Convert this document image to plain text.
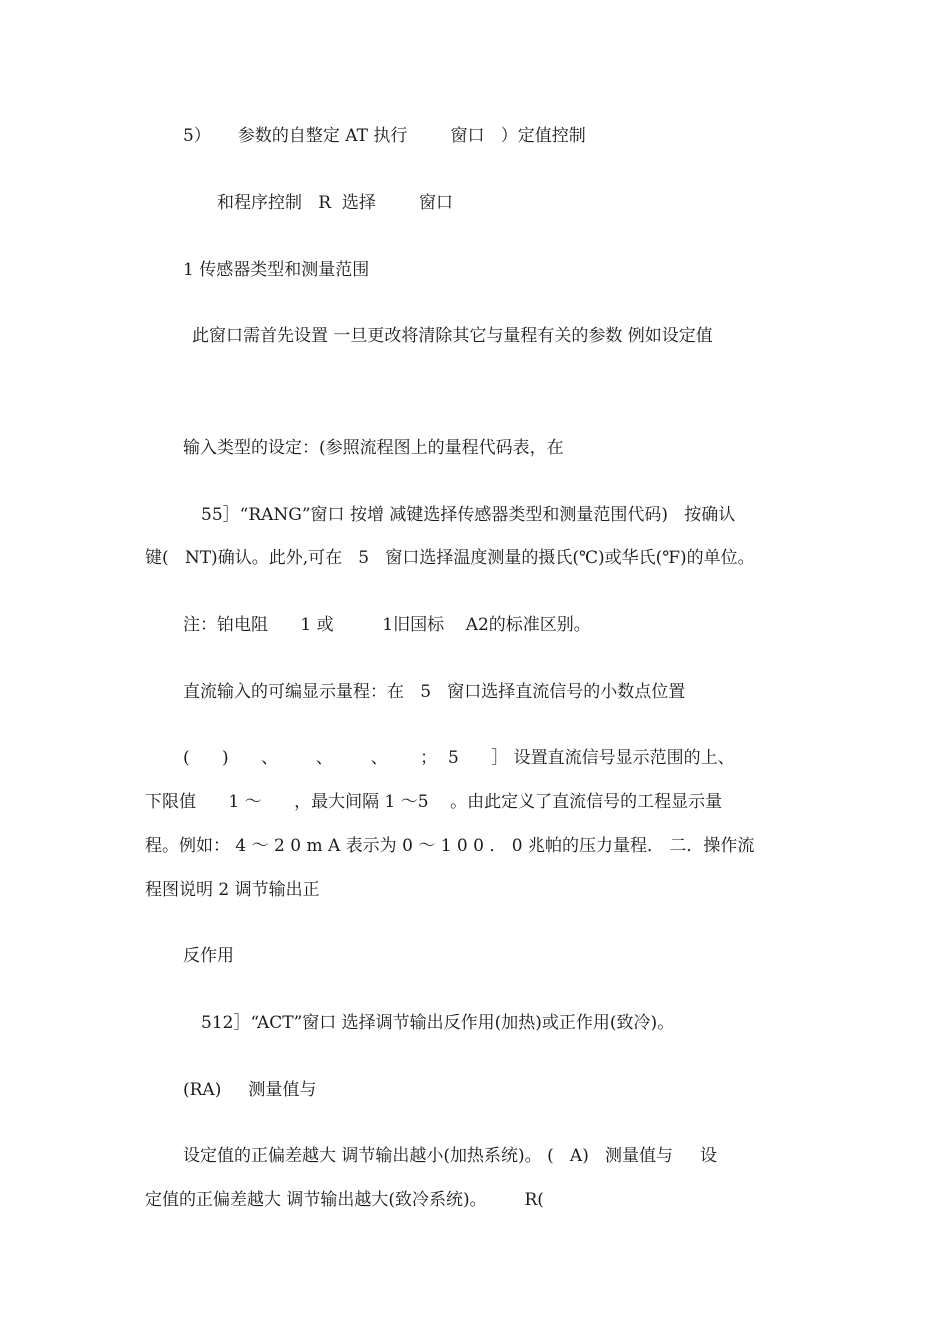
5）     参数的自整定 AT 执行        窗口   ）定值控制
和程序控制   R  选择        窗口
1 传感器类型和测量范围
此窗口需首先设置 一旦更改将清除其它与量程有关的参数 例如设定值
输入类型的设定：(参照流程图上的量程代码表，在
55］“RANG”窗口 按增 减键选择传感器类型和测量范围代码)   按确认
键(   NT)确认。此外,可在   5   窗口选择温度测量的摄氏(℃)或华氏(℉)的单位。
注：铂电阻      1 或         1旧国标    A2的标准区别。
直流输入的可编显示量程：在   5   窗口选择直流信号的小数点位置
(      )      、       、       、      ；  5      ］ 设置直流信号显示范围的上、
下限值      1 ～      ，最大间隔 1 ～5    。由此定义了直流信号的工程显示量
程。例如： 4 ～ 2 0 m A 表示为 0 ～ 1 0 0 ． 0 兆帕的压力量程． 二．操作流
程图说明 2 调节输出正
反作用
512］“ACT”窗口 选择调节输出反作用(加热)或正作用(致冷)。
(RA)     测量值与
设定值的正偏差越大 调节输出越小(加热系统)。 (   A)   测量值与     设
定值的正偏差越大 调节输出越大(致冷系统)。       R(
